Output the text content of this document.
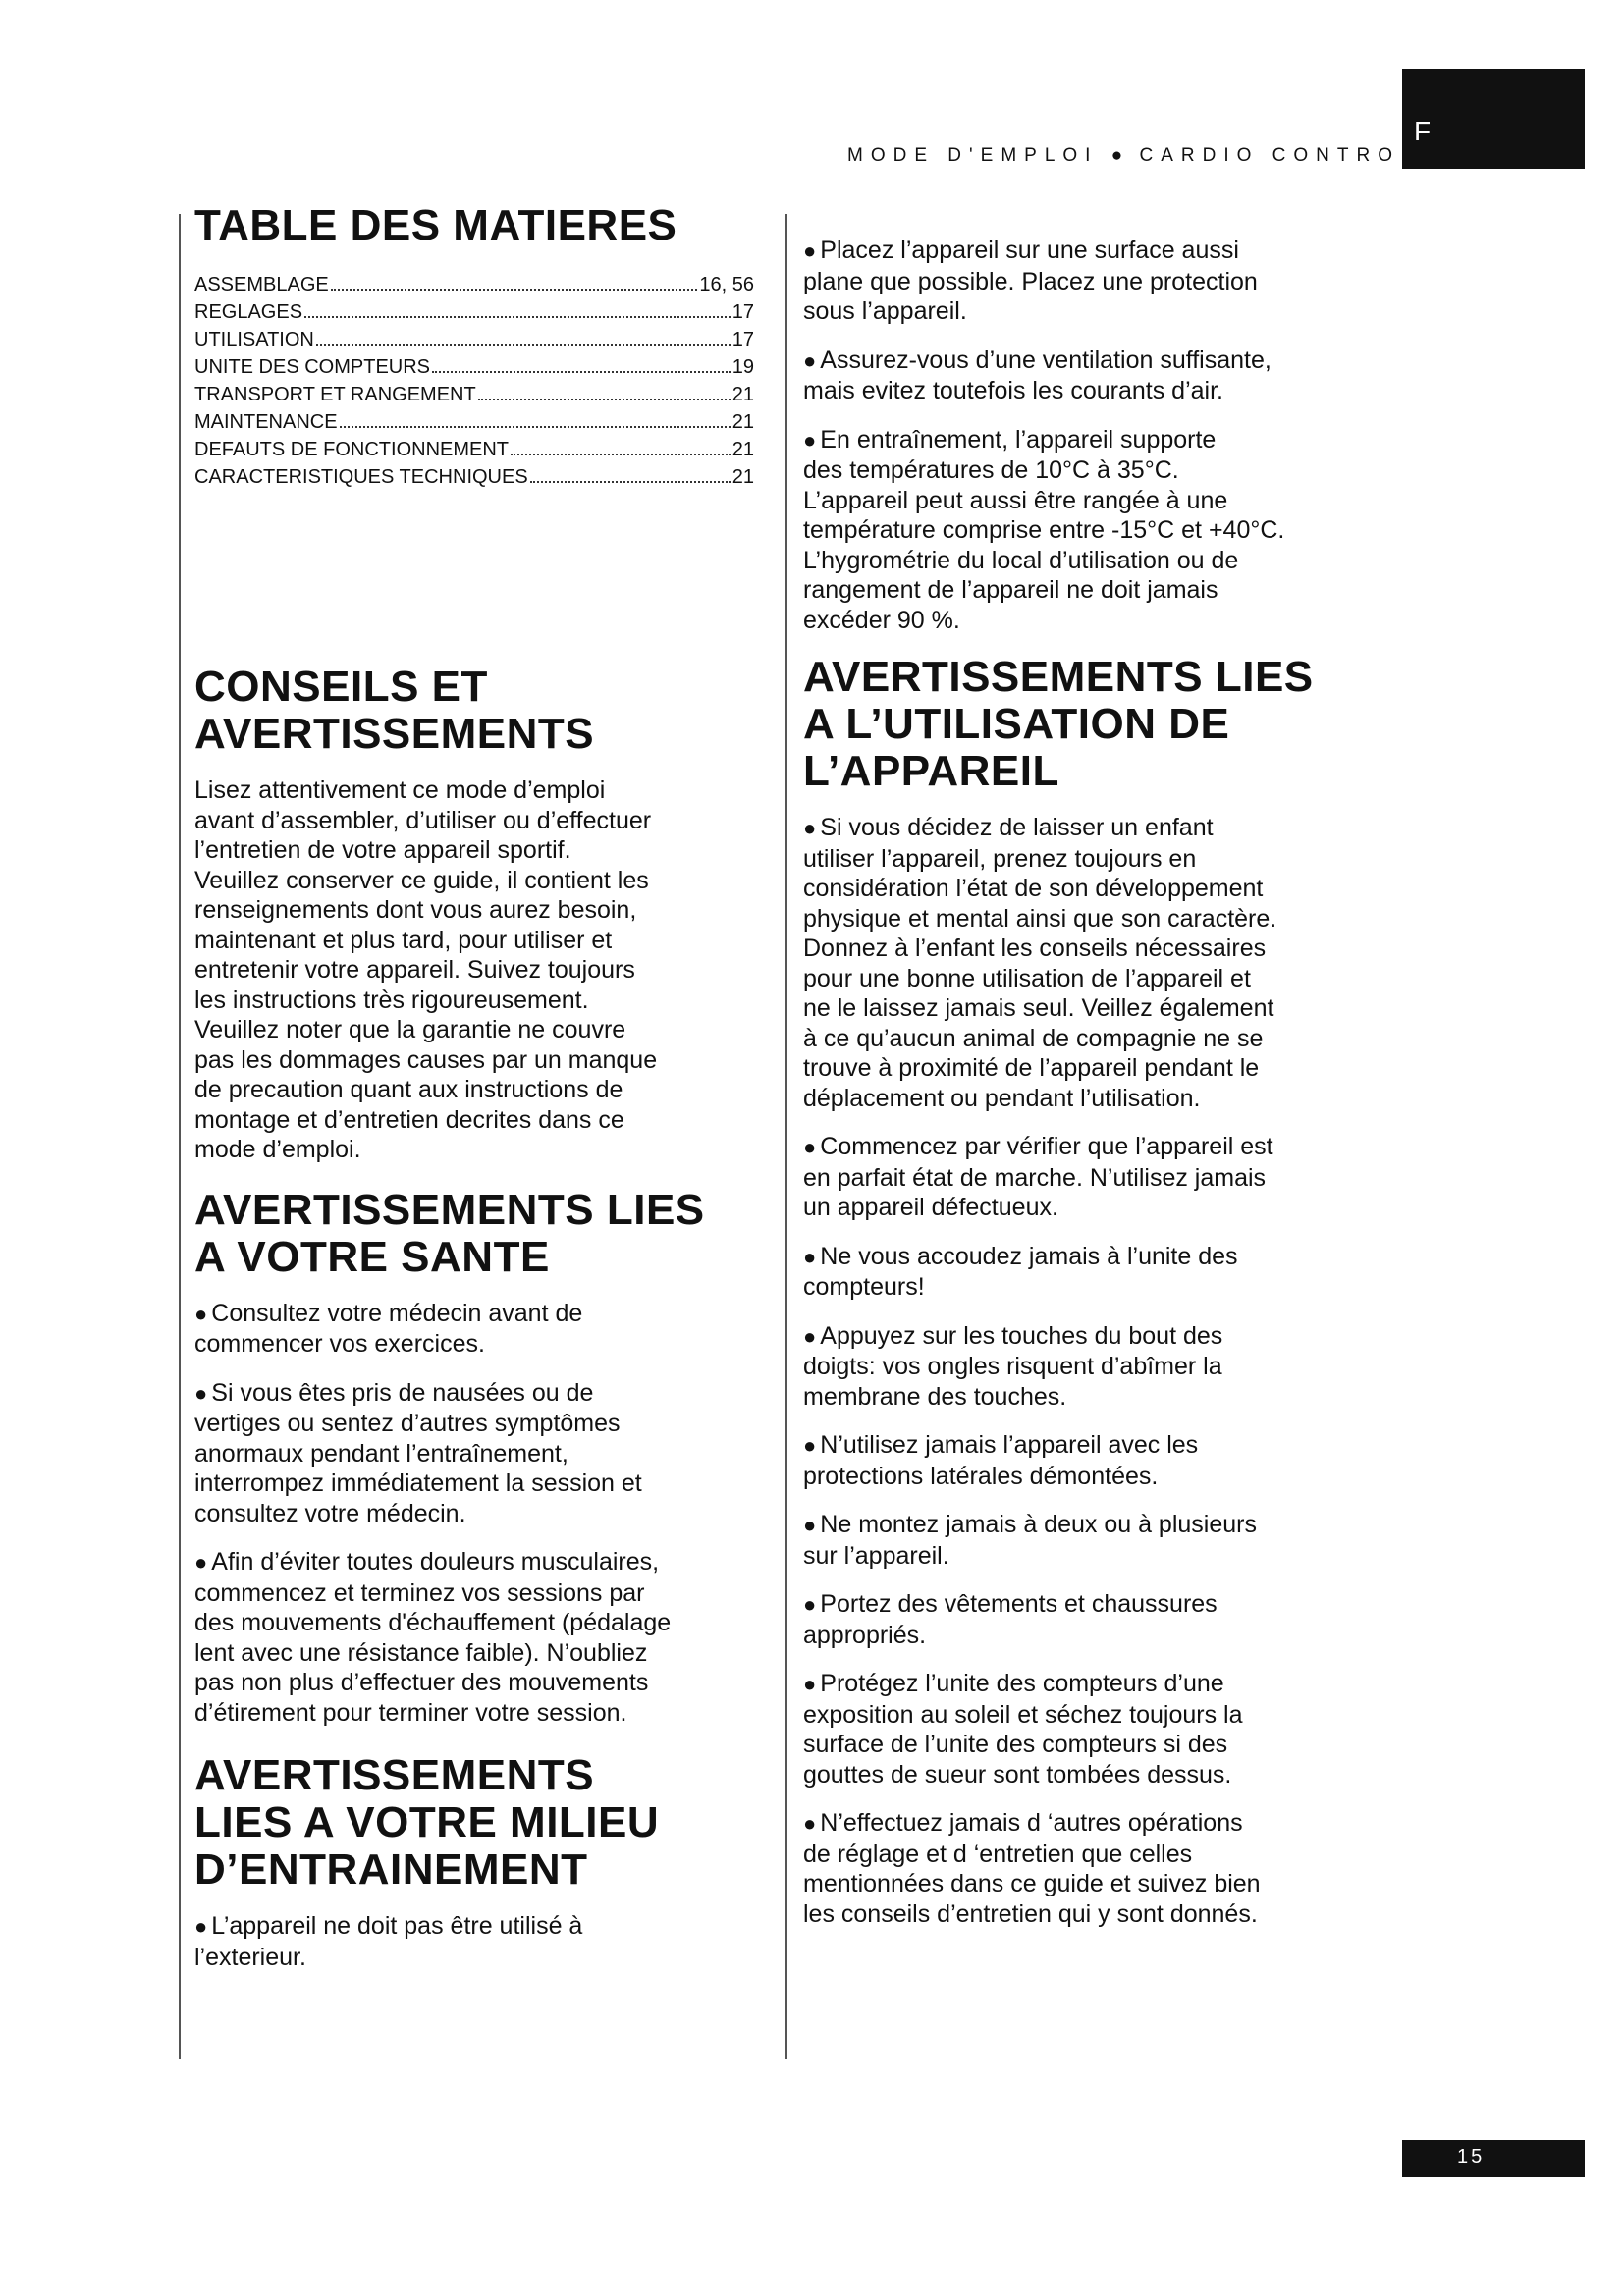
F
MODE D'EMPLOI ● CARDIO CONTRO
TABLE DES MATIERES
ASSEMBLAGE	16, 56
REGLAGES	17
UTILISATION	17
UNITE DES COMPTEURS	19
TRANSPORT ET RANGEMENT	21
MAINTENANCE	21
DEFAUTS DE FONCTIONNEMENT	21
CARACTERISTIQUES TECHNIQUES	21
CONSEILS ET
AVERTISSEMENTS

Lisez attentivement ce mode d’emploi
avant d’assembler, d’utiliser ou d’effectuer
l’entretien de votre appareil sportif.
Veuillez conserver ce guide, il contient les
renseignements dont vous aurez besoin,
maintenant et plus tard, pour utiliser et
entretenir votre appareil. Suivez toujours
les instructions très rigoureusement.
Veuillez noter que la garantie ne couvre
pas les dommages causes par un manque
de precaution quant aux instructions de
montage et d’entretien decrites dans ce
mode d’emploi.

AVERTISSEMENTS LIES
A VOTRE SANTE

● Consultez votre médecin avant de
commencer vos exercices.

● Si vous êtes pris de nausées ou de
vertiges ou sentez d’autres symptômes
anormaux pendant l’entraînement,
interrompez immédiatement la session et
consultez votre médecin.

● Afin d’éviter toutes douleurs musculaires,
commencez et terminez vos sessions par
des mouvements d'échauffement (pédalage
lent avec une résistance faible). N’oubliez
pas non plus d’effectuer des mouvements
d’étirement pour terminer votre session.

AVERTISSEMENTS
LIES A VOTRE MILIEU
D’ENTRAINEMENT

● L’appareil ne doit pas être utilisé à
l’exterieur.

● Placez l’appareil sur une surface aussi
plane que possible. Placez une protection
sous l’appareil.

● Assurez-vous d’une ventilation suffisante,
mais evitez toutefois les courants d’air.

● En entraînement, l’appareil supporte
des températures de 10°C à 35°C.
L’appareil peut aussi être rangée à une
température comprise entre -15°C et +40°C.
L’hygrométrie du local d’utilisation ou de
rangement de l’appareil ne doit jamais
excéder 90 %.

AVERTISSEMENTS LIES
A L’UTILISATION DE
L’APPAREIL

● Si vous décidez de laisser un enfant
utiliser l’appareil, prenez toujours en
considération l’état de son développement
physique et mental ainsi que son caractère.
Donnez à l’enfant les conseils nécessaires
pour une bonne utilisation de l’appareil et
ne le laissez jamais seul. Veillez également
à ce qu’aucun animal de compagnie ne se
trouve à proximité de l’appareil pendant le
déplacement ou pendant l’utilisation.

● Commencez par vérifier que l’appareil est
en parfait état de marche. N’utilisez jamais
un appareil défectueux.

● Ne vous accoudez jamais à l’unite des
compteurs!

● Appuyez sur les touches du bout des
doigts: vos ongles risquent d’abîmer la
membrane des touches.

● N’utilisez jamais l’appareil avec les
protections latérales démontées.

● Ne montez jamais à deux ou à plusieurs
sur l’appareil.

● Portez des vêtements et chaussures
appropriés.

● Protégez l’unite des compteurs d’une
exposition au soleil et séchez toujours la
surface de l’unite des compteurs si des
gouttes de sueur sont tombées dessus.

● N’effectuez jamais d ‘autres opérations
de réglage et d ‘entretien que celles
mentionnées dans ce guide et suivez bien
les conseils d’entretien qui y sont donnés.

15
